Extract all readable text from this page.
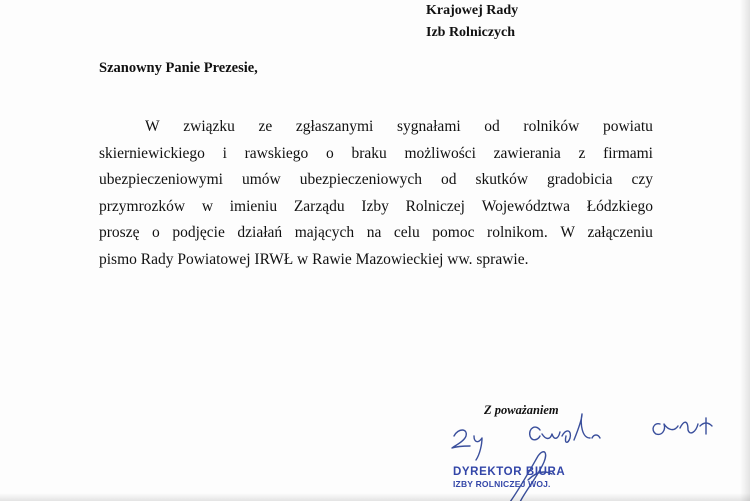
Krajowej Rady
Izb Rolniczych
Szanowny Panie Prezesie,
W związku ze zgłaszanymi sygnałami od rolników powiatu
skierniewickiego i rawskiego o braku możliwości zawierania z firmami
ubezpieczeniowymi umów ubezpieczeniowych od skutków gradobicia czy
przymrozków w imieniu Zarządu Izby Rolniczej Województwa Łódzkiego
proszę o podjęcie działań mających na celu pomoc rolnikom. W załączeniu
pismo Rady Powiatowej IRWŁ w Rawie Mazowieckiej ww. sprawie.
Z poważaniem
DYREKTOR BIURA
IZBY ROLNICZEJ WOJ.
